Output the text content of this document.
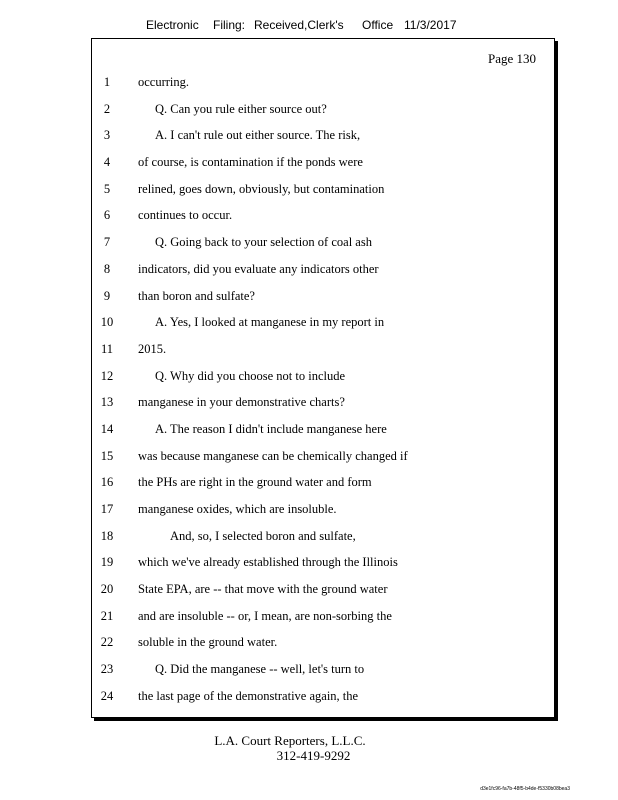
Electronic Filing: Received,Clerk's Office 11/3/2017
Page 130
1	occurring.
2	Q. Can you rule either source out?
3	A. I can't rule out either source. The risk,
4	of course, is contamination if the ponds were
5	relined, goes down, obviously, but contamination
6	continues to occur.
7	Q. Going back to your selection of coal ash
8	indicators, did you evaluate any indicators other
9	than boron and sulfate?
10	A. Yes, I looked at manganese in my report in
11 2015.
12	Q. Why did you choose not to include
13 manganese in your demonstrative charts?
14	A. The reason I didn't include manganese here
15 was because manganese can be chemically changed if
16 the PHs are right in the ground water and form
17 manganese oxides, which are insoluble.
18	And, so, I selected boron and sulfate,
19 which we've already established through the Illinois
20 State EPA, are -- that move with the ground water
21 and are insoluble -- or, I mean, are non-sorbing the
22 soluble in the ground water.
23	Q. Did the manganese -- well, let's turn to
24 the last page of the demonstrative again, the
L.A. Court Reporters, L.L.C.
312-419-9292
d3e1fc96-fa7b-48f5-b4de-f5330b08bea3
